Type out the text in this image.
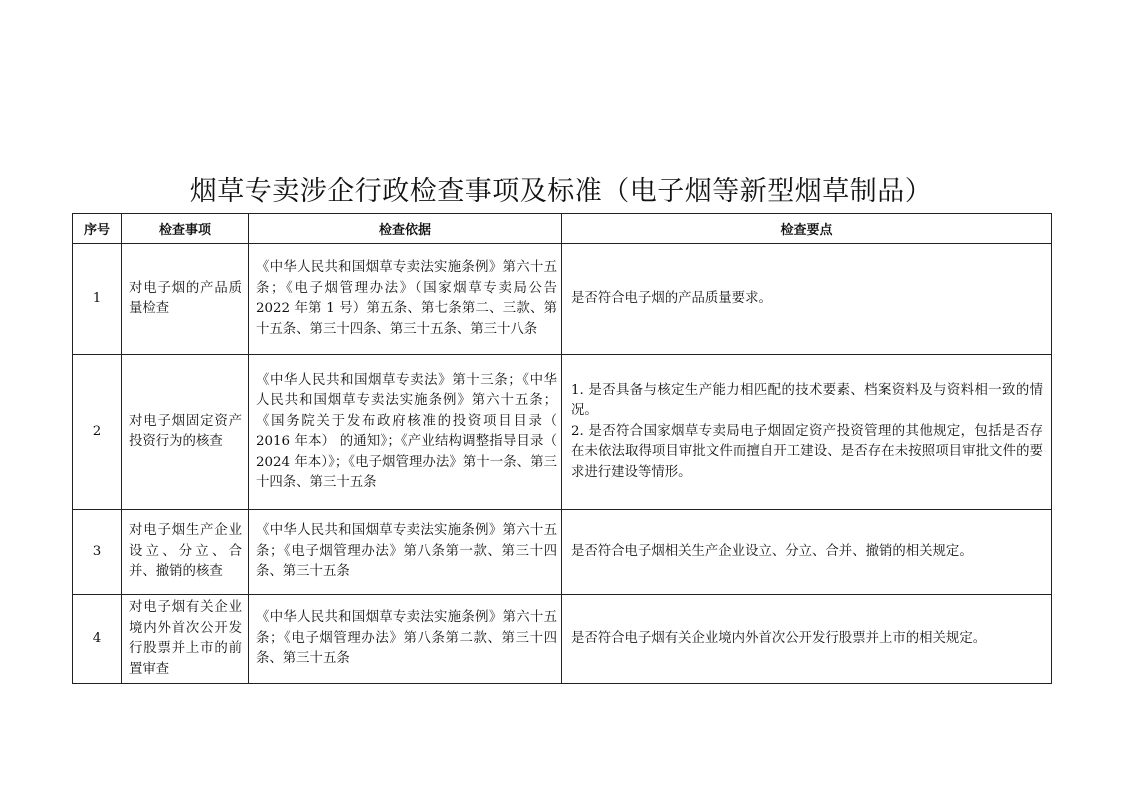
烟草专卖涉企行政检查事项及标准（电子烟等新型烟草制品）
序号	检查事项	检查依据	检查要点
1	对电子烟的产品质量检查	《中华人民共和国烟草专卖法实施条例》第六十五条；《电子烟管理办法》（国家烟草专卖局公告 2022 年第 1 号）第五条、第七条第二、三款、第十五条、第三十四条、第三十五条、第三十八条	是否符合电子烟的产品质量要求。

2	对电子烟固定资产投资行为的核查	《中华人民共和国烟草专卖法》第十三条；《中华人民共和国烟草专卖法实施条例》第六十五条；《国务院关于发布政府核准的投资项目目录（ 2016 年本） 的通知》；《产业结构调整指导目录（ 2024 年本）》；《电子烟管理办法》第十一条、第三十四条、第三十五条	1. 是否具备与核定生产能力相匹配的技术要素、档案资料及与资料相一致的情况。
2. 是否符合国家烟草专卖局电子烟固定资产投资管理的其他规定，包括是否存在未依法取得项目审批文件而擅自开工建设、是否存在未按照项目审批文件的要求进行建设等情形。

3	对电子烟生产企业设立、分立、合并、撤销的核查	《中华人民共和国烟草专卖法实施条例》第六十五条；《电子烟管理办法》第八条第一款、第三十四条、第三十五条	是否符合电子烟相关生产企业设立、分立、合并、撤销的相关规定。

4	对电子烟有关企业境内外首次公开发行股票并上市的前置审查	《中华人民共和国烟草专卖法实施条例》第六十五条；《电子烟管理办法》第八条第二款、第三十四条、第三十五条	是否符合电子烟有关企业境内外首次公开发行股票并上市的相关规定。
